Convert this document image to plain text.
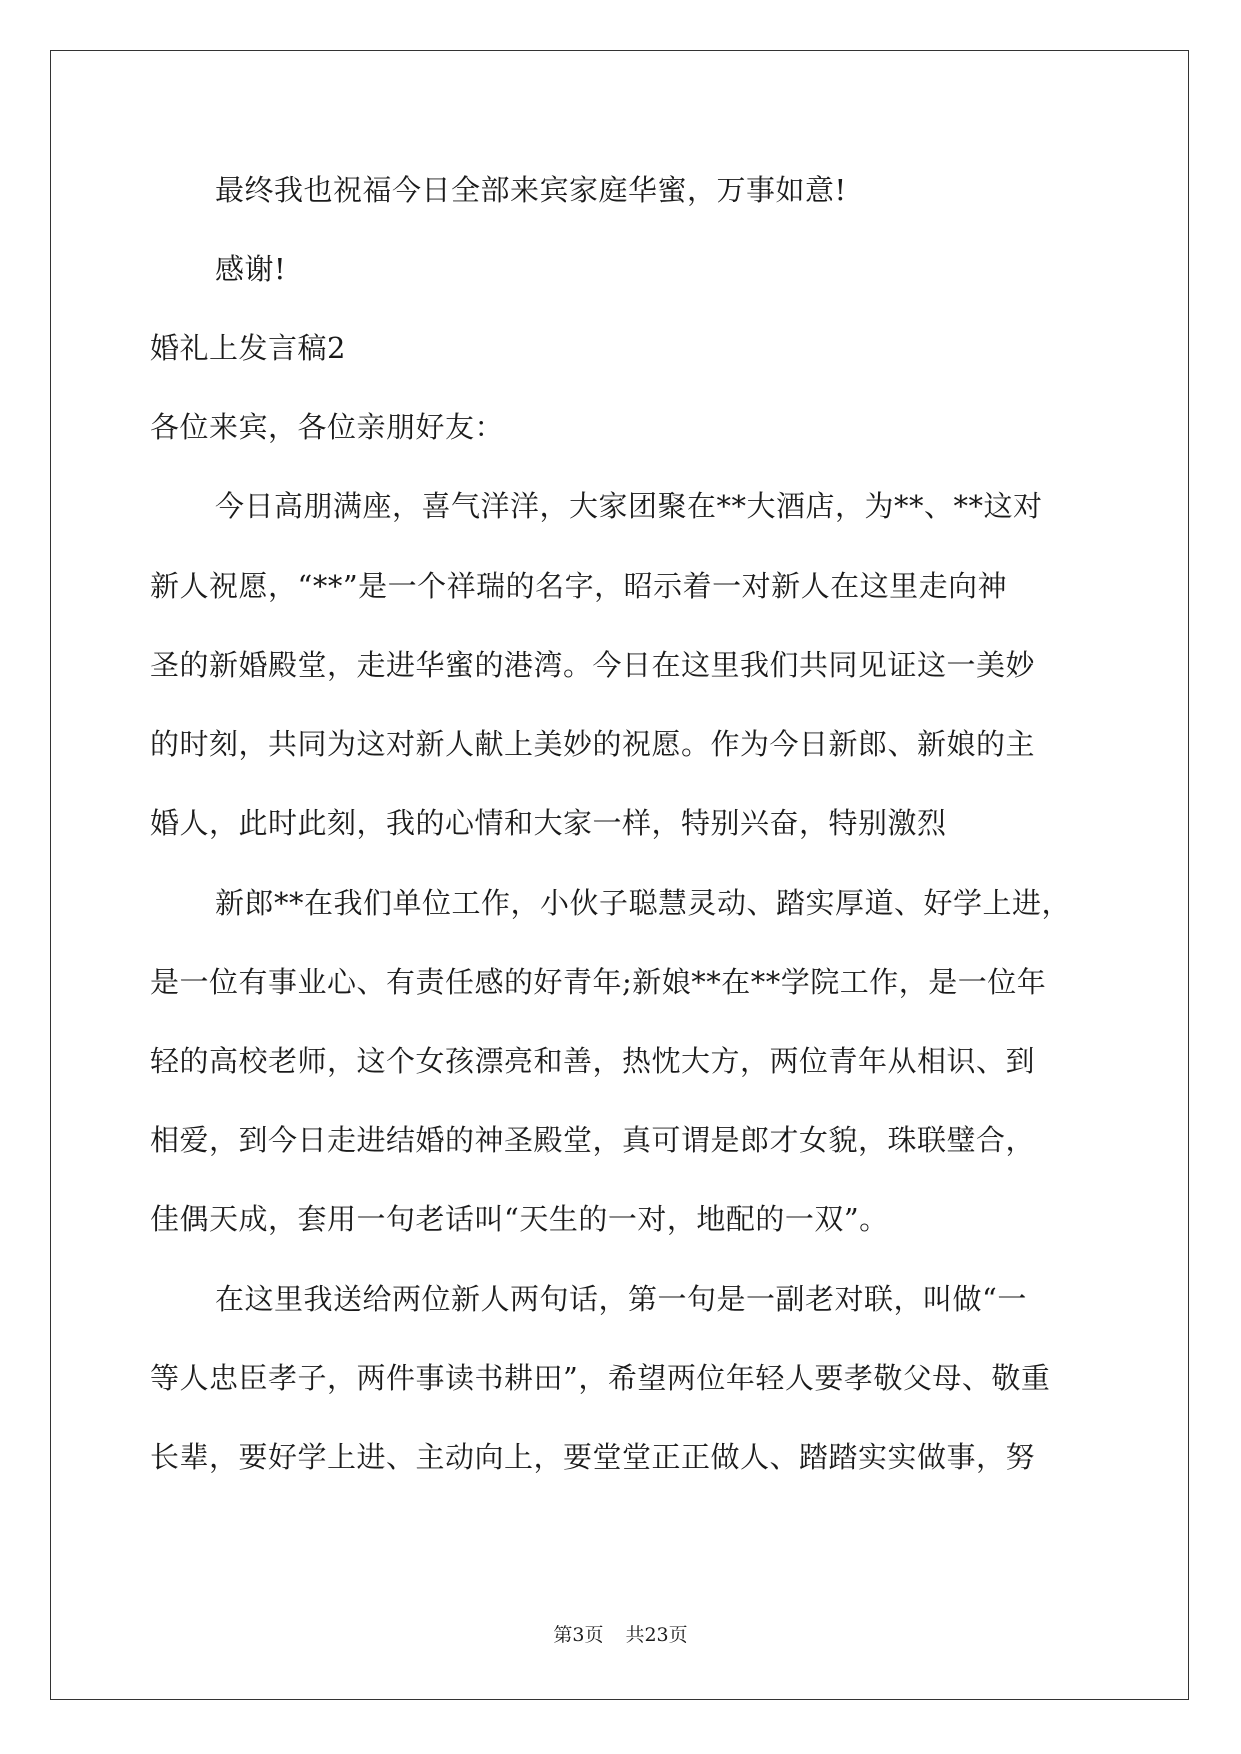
最终我也祝福今日全部来宾家庭华蜜，万事如意!
感谢!
婚礼上发言稿2
各位来宾，各位亲朋好友：
今日高朋满座，喜气洋洋，大家团聚在**大酒店，为**、**这对
新人祝愿，“**”是一个祥瑞的名字，昭示着一对新人在这里走向神
圣的新婚殿堂，走进华蜜的港湾。今日在这里我们共同见证这一美妙
的时刻，共同为这对新人献上美妙的祝愿。作为今日新郎、新娘的主
婚人，此时此刻，我的心情和大家一样，特别兴奋，特别激烈
新郎**在我们单位工作，小伙子聪慧灵动、踏实厚道、好学上进，
是一位有事业心、有责任感的好青年;新娘**在**学院工作，是一位年
轻的高校老师，这个女孩漂亮和善，热忱大方，两位青年从相识、到
相爱，到今日走进结婚的神圣殿堂，真可谓是郎才女貌，珠联璧合，
佳偶天成，套用一句老话叫“天生的一对，地配的一双”。
在这里我送给两位新人两句话，第一句是一副老对联，叫做“一
等人忠臣孝子，两件事读书耕田”，希望两位年轻人要孝敬父母、敬重
长辈，要好学上进、主动向上，要堂堂正正做人、踏踏实实做事，努
第3页 共23页
